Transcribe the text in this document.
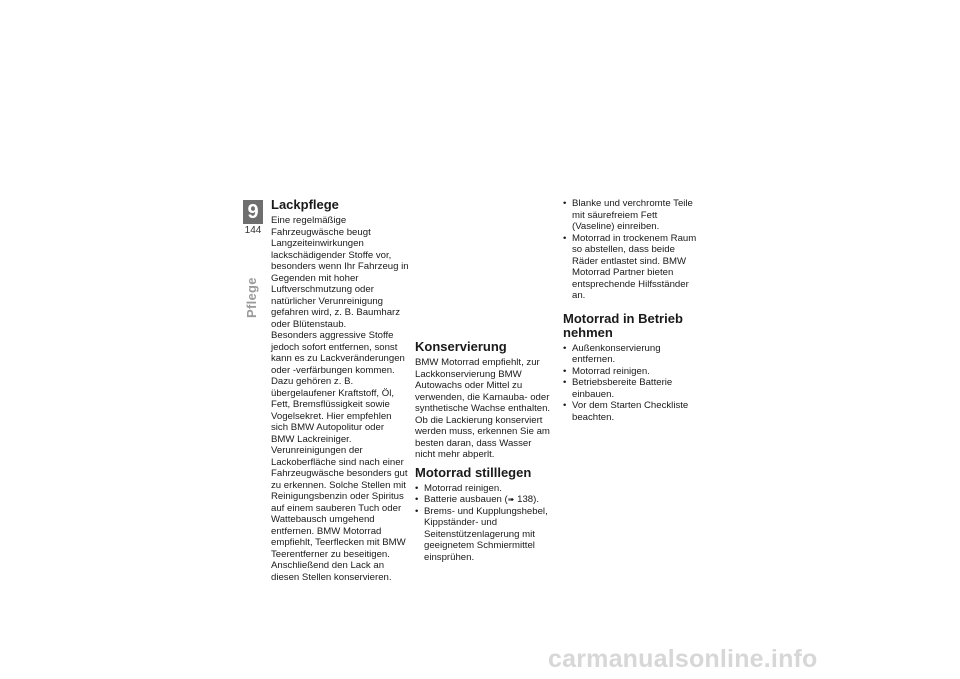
9
144
Pflege
Lackpflege

Eine regelmäßige Fahrzeugwäsche beugt Langzeiteinwirkungen lackschädigender Stoffe vor, besonders wenn Ihr Fahrzeug in Gegenden mit hoher Luftverschmutzung oder natürlicher Verunreinigung gefahren wird, z. B. Baumharz oder Blütenstaub.

Besonders aggressive Stoffe jedoch sofort entfernen, sonst kann es zu Lackveränderungen oder -verfärbungen kommen. Dazu gehören z. B. übergelaufener Kraftstoff, Öl, Fett, Bremsflüssigkeit sowie Vogelsekret. Hier empfehlen sich BMW Autopolitur oder BMW Lackreiniger.

Verunreinigungen der Lackoberfläche sind nach einer Fahrzeugwäsche besonders gut zu erkennen. Solche Stellen mit Reinigungsbenzin oder Spiritus auf einem sauberen Tuch oder Wattebausch umgehend entfernen. BMW Motorrad empfiehlt, Teerflecken mit BMW Teerentferner zu beseitigen. Anschließend den Lack an diesen Stellen konservieren.

Konservierung

BMW Motorrad empfiehlt, zur Lackkonservierung BMW Autowachs oder Mittel zu verwenden, die Karnauba- oder synthetische Wachse enthalten.

Ob die Lackierung konserviert werden muss, erkennen Sie am besten daran, dass Wasser nicht mehr abperlt.

Motorrad stilllegen
• Motorrad reinigen.
• Batterie ausbauen (➠ 138).
• Brems- und Kupplungshebel, Kippständer- und Seitenstützenlagerung mit geeignetem Schmiermittel einsprühen.
• Blanke und verchromte Teile mit säurefreiem Fett (Vaseline) einreiben.
• Motorrad in trockenem Raum so abstellen, dass beide Räder entlastet sind. BMW Motorrad Partner bieten entsprechende Hilfsständer an.
Motorrad in Betrieb nehmen
• Außenkonservierung entfernen.
• Motorrad reinigen.
• Betriebsbereite Batterie einbauen.
• Vor dem Starten Checkliste beachten.
carmanualsonline.info
